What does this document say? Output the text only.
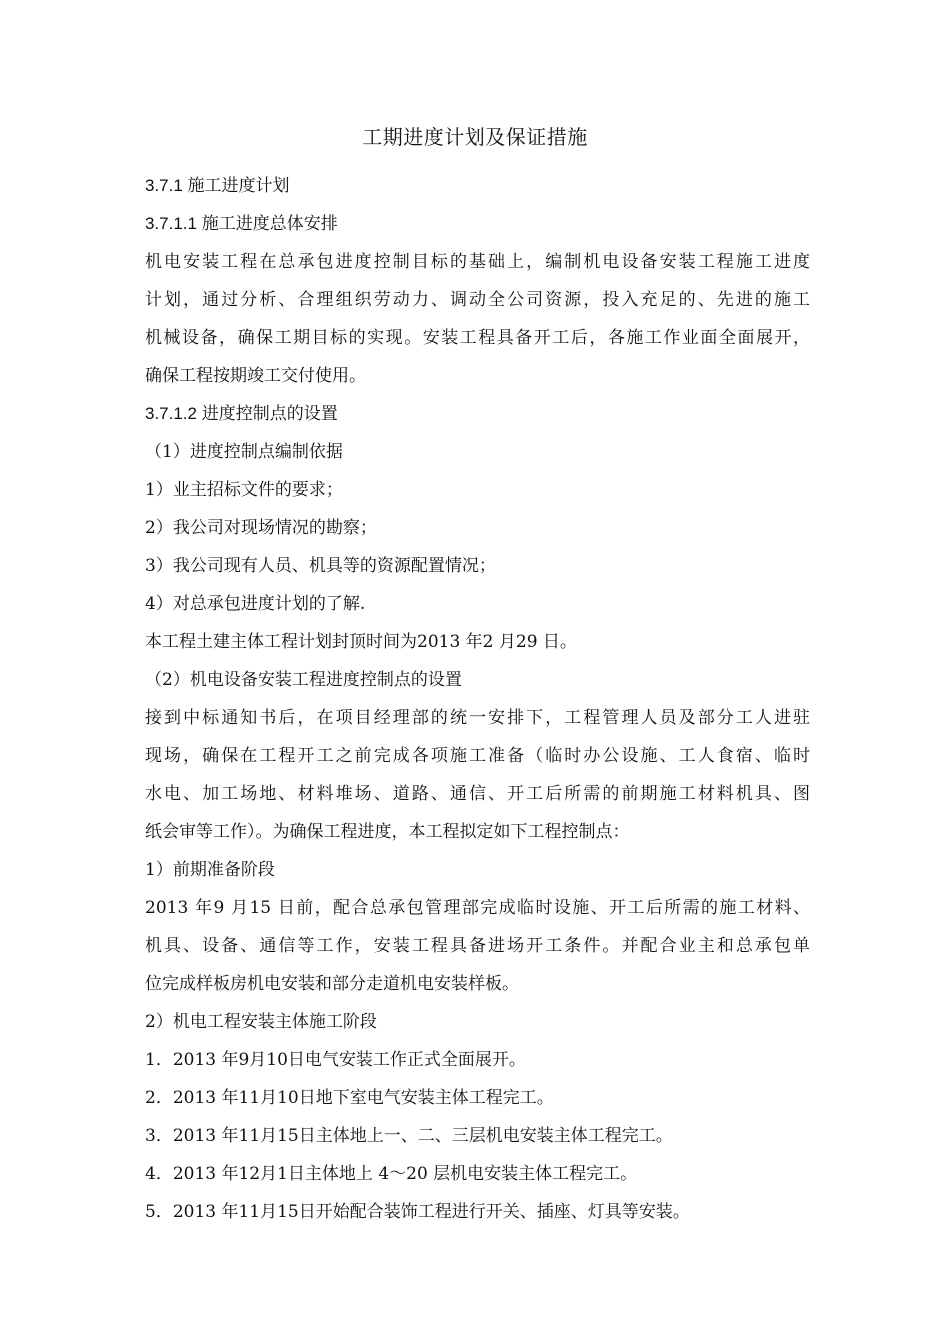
工期进度计划及保证措施
3.7.1 施工进度计划
3.7.1.1 施工进度总体安排
机电安装工程在总承包进度控制目标的基础上，编制机电设备安装工程施工进度
计划，通过分析、合理组织劳动力、调动全公司资源，投入充足的、先进的施工
机械设备，确保工期目标的实现。安装工程具备开工后，各施工作业面全面展开，
确保工程按期竣工交付使用。
3.7.1.2 进度控制点的设置
（1）进度控制点编制依据
1）业主招标文件的要求；
2）我公司对现场情况的勘察；
3）我公司现有人员、机具等的资源配置情况；
4）对总承包进度计划的了解.
本工程土建主体工程计划封顶时间为2013 年2 月29 日。
（2）机电设备安装工程进度控制点的设置
接到中标通知书后，在项目经理部的统一安排下，工程管理人员及部分工人进驻
现场，确保在工程开工之前完成各项施工准备（临时办公设施、工人食宿、临时
水电、加工场地、材料堆场、道路、通信、开工后所需的前期施工材料机具、图
纸会审等工作）。为确保工程进度，本工程拟定如下工程控制点：
1）前期准备阶段
2013 年9 月15 日前，配合总承包管理部完成临时设施、开工后所需的施工材料、
机具、设备、通信等工作，安装工程具备进场开工条件。并配合业主和总承包单
位完成样板房机电安装和部分走道机电安装样板。
2）机电工程安装主体施工阶段
1．2013 年9月10日电气安装工作正式全面展开。
2．2013 年11月10日地下室电气安装主体工程完工。
3．2013 年11月15日主体地上一、二、三层机电安装主体工程完工。
4．2013 年12月1日主体地上 4～20 层机电安装主体工程完工。
5．2013 年11月15日开始配合装饰工程进行开关、插座、灯具等安装。
